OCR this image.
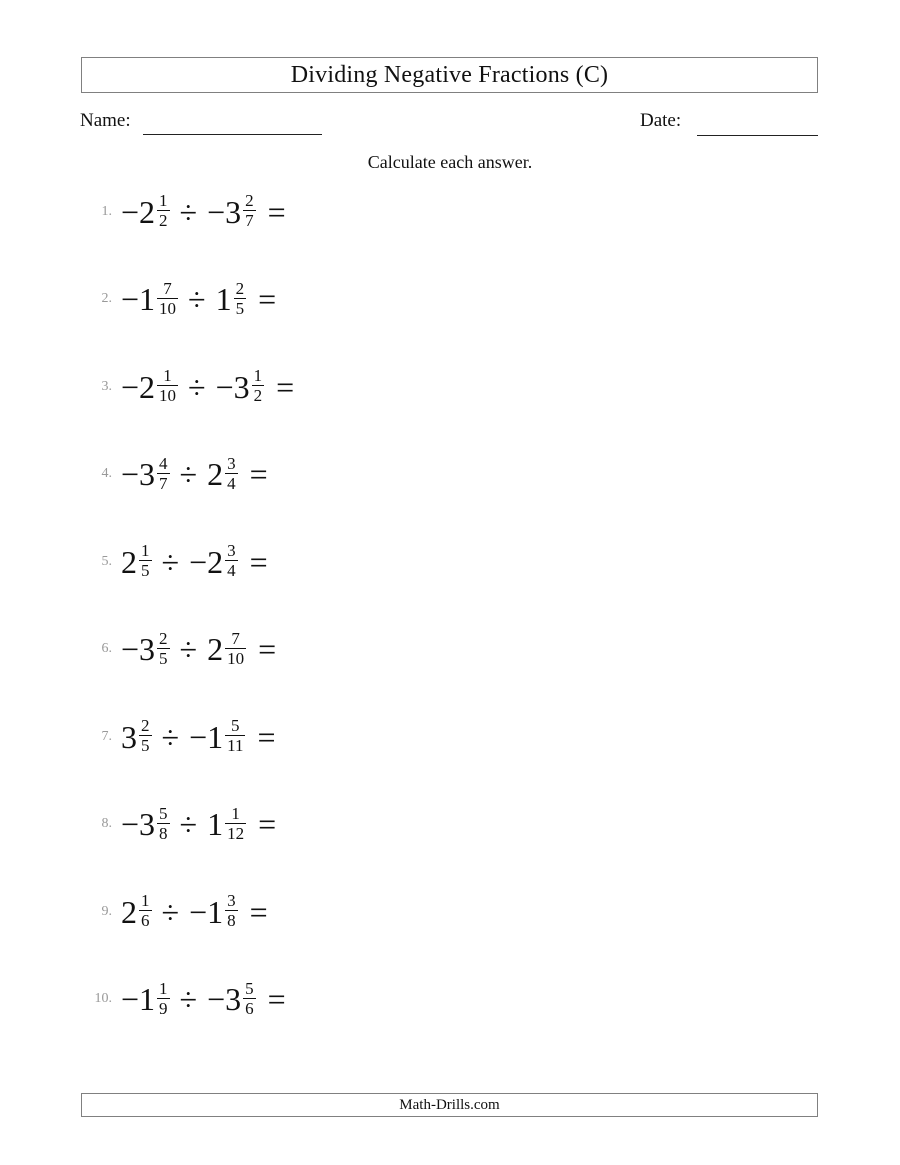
Dividing Negative Fractions (C)
Name:	Date:
Calculate each answer.
1. $-2 \frac{1}{2} \div -3 \frac{2}{7}$ =
2. $-1 \frac{7}{10} \div 1 \frac{2}{5}$ =
3. $-2 \frac{1}{10} \div -3 \frac{1}{2}$ =
4. $-3 \frac{4}{7} \div 2 \frac{3}{4}$ =
5. $2 \frac{1}{5} \div -2 \frac{3}{4}$ =
6. $-3 \frac{2}{5} \div 2 \frac{7}{10}$ =
7. $3 \frac{2}{5} \div -1 \frac{5}{11}$ =
8. $-3 \frac{5}{8} \div 1 \frac{1}{12}$ =
9. $2 \frac{1}{6} \div -1 \frac{3}{8}$ =
10. $-1 \frac{1}{9} \div -3 \frac{5}{6}$ =
Math-Drills.com
